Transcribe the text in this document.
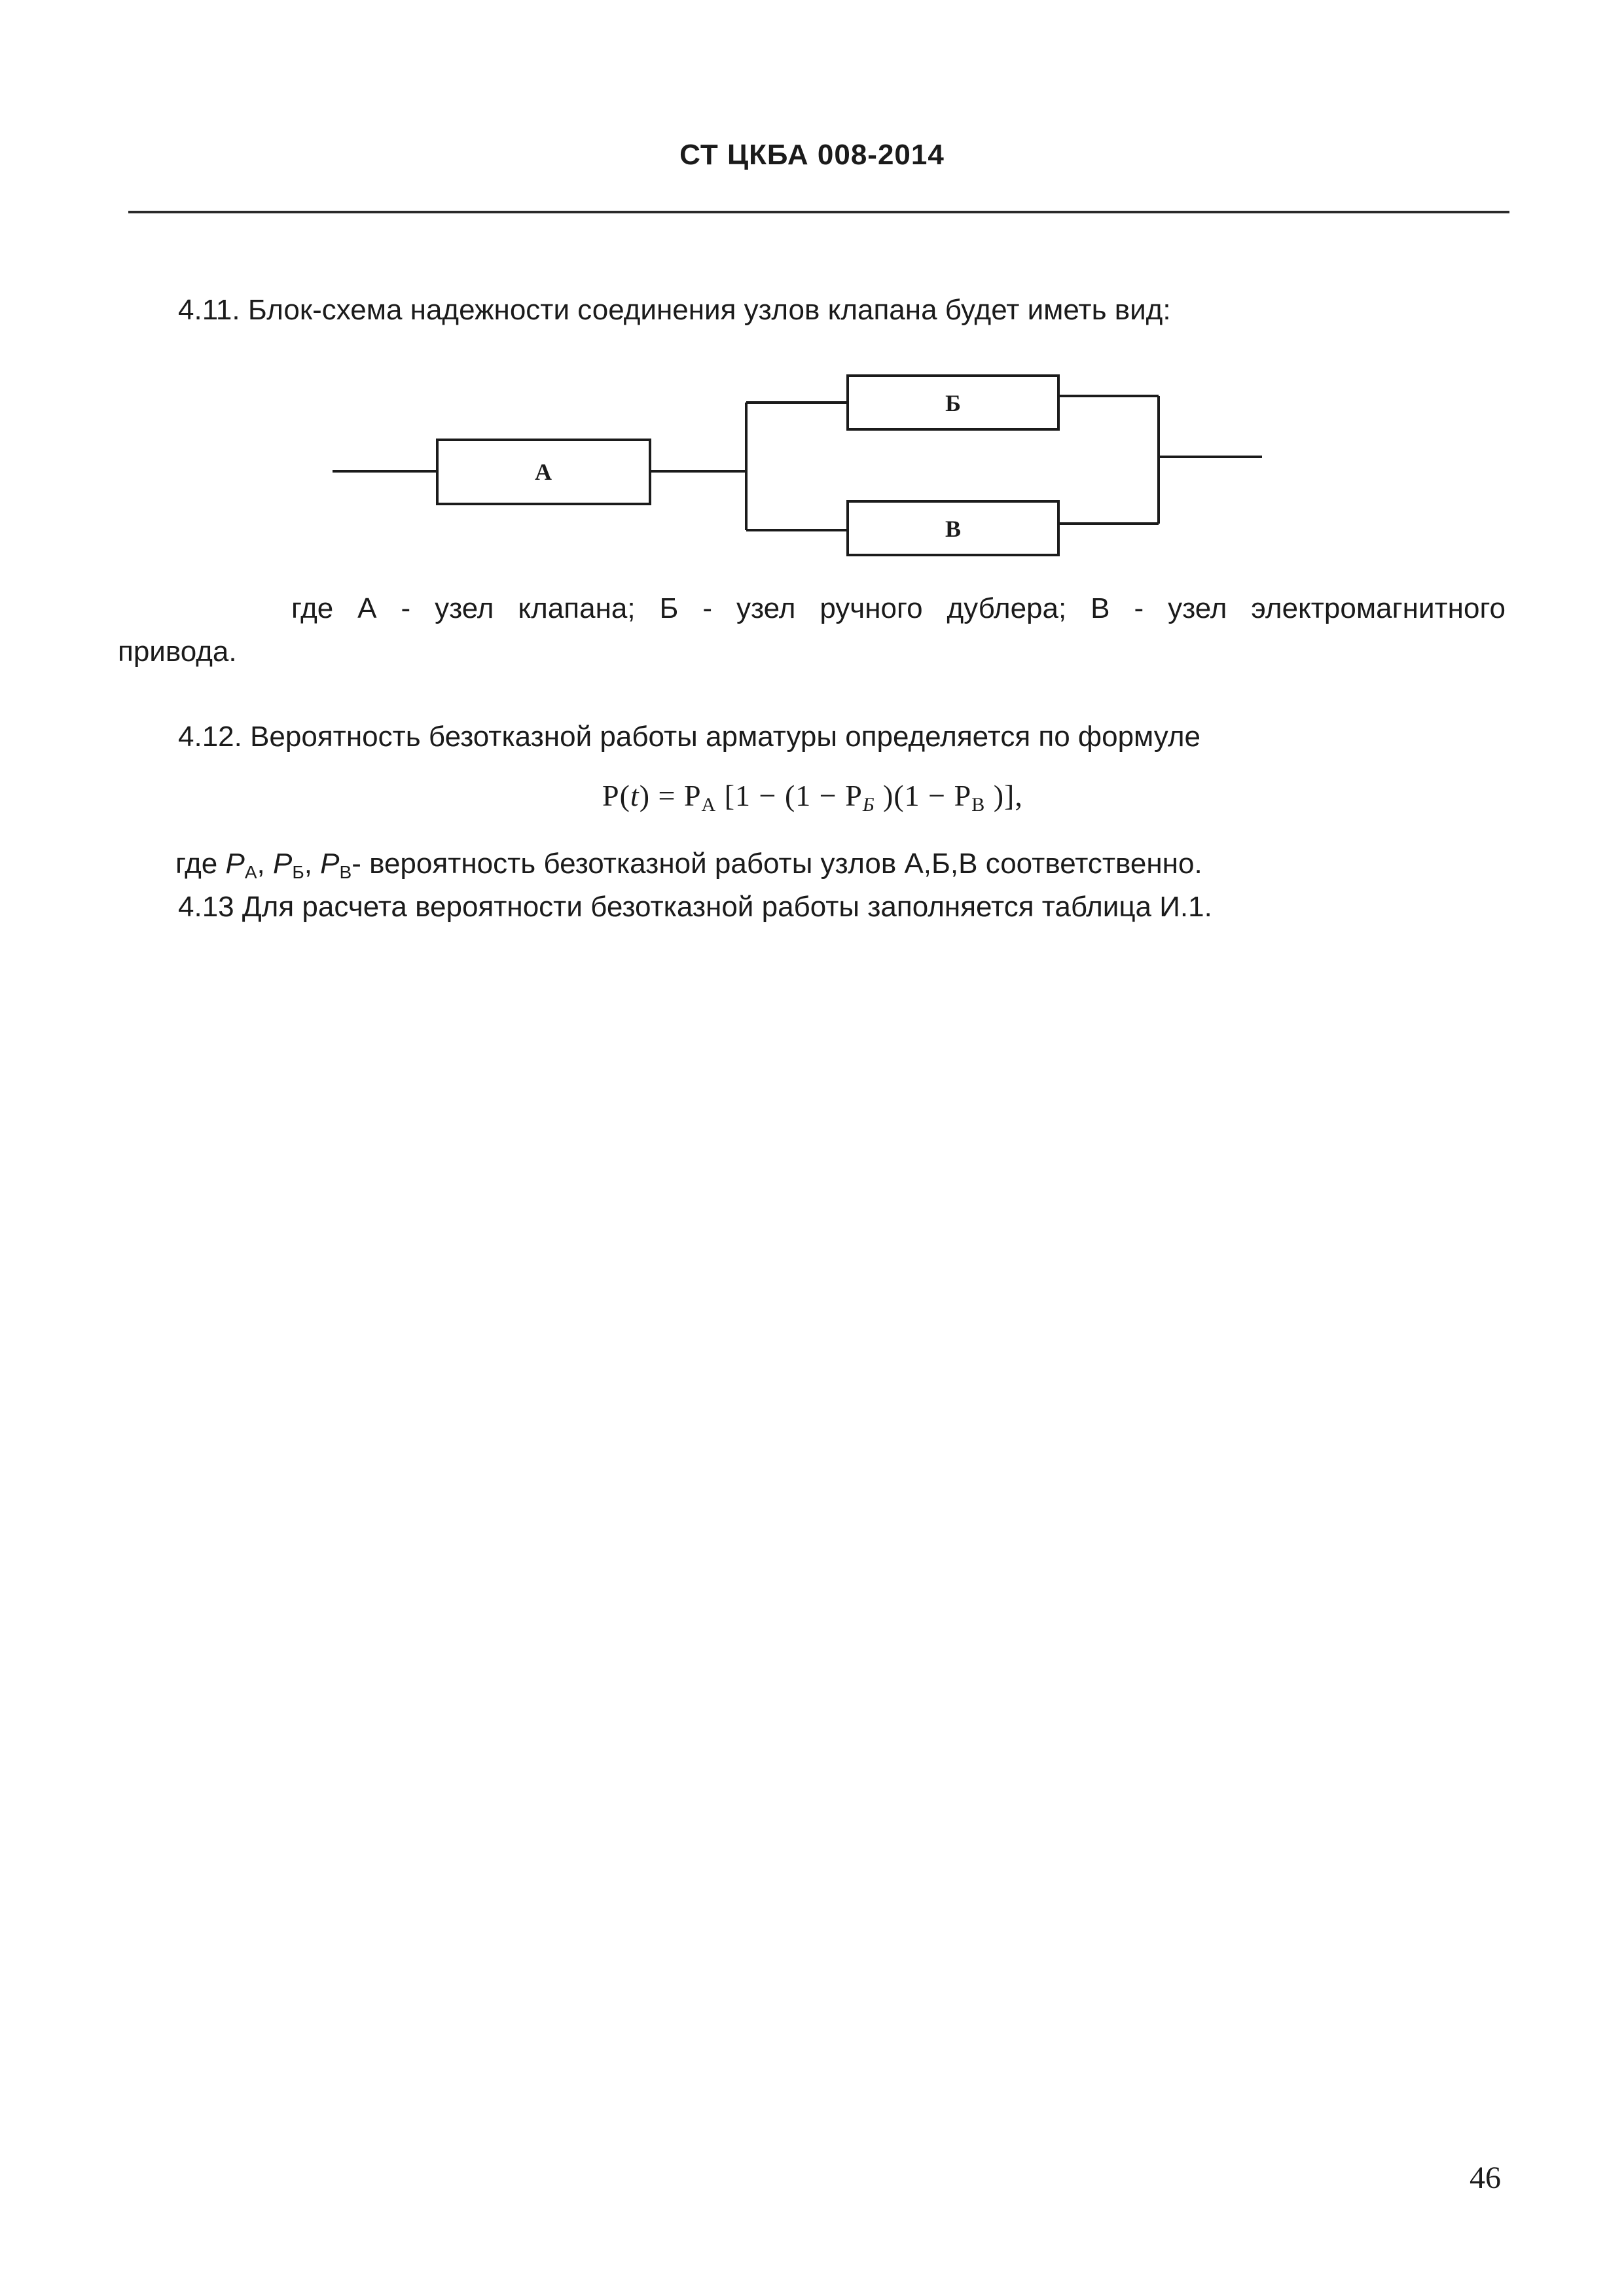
СТ ЦКБА 008-2014
4.11. Блок-схема надежности соединения узлов клапана будет иметь вид:
А
Б
В
где А - узел клапана; Б - узел ручного дублера; В - узел электромагнитного
привода.
4.12. Вероятность безотказной работы арматуры определяется по формуле
$P(t) = P_А$ [$1 - (1 - P_Б$ )($1 - P_В$ )],
где $P_А$, $P_Б$, $P_В-$ вероятность безотказной работы узлов А,Б,В соответственно.
4.13 Для расчета вероятности безотказной работы заполняется таблица И.1.
46
